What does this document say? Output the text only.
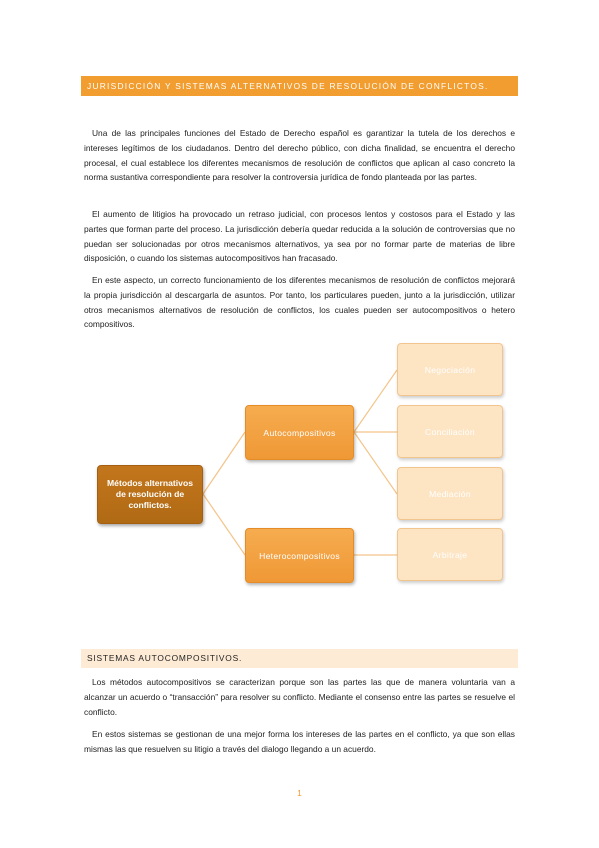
JURISDICCIÓN Y SISTEMAS ALTERNATIVOS DE RESOLUCIÓN DE CONFLICTOS.

Una de las principales funciones del Estado de Derecho español es garantizar la tutela de los derechos e intereses legítimos de los ciudadanos. Dentro del derecho público, con dicha finalidad, se encuentra el derecho procesal, el cual establece los diferentes mecanismos de resolución de conflictos que aplican al caso concreto la norma sustantiva correspondiente para resolver la controversia jurídica de fondo planteada por las partes.

El aumento de litigios ha provocado un retraso judicial, con procesos lentos y costosos para el Estado y las partes que forman parte del proceso. La jurisdicción debería quedar reducida a la solución de controversias que no puedan ser solucionadas por otros mecanismos alternativos, ya sea por no formar parte de materias de libre disposición, o cuando los sistemas autocompositivos han fracasado.

En este aspecto, un correcto funcionamiento de los diferentes mecanismos de resolución de conflictos mejorará la propia jurisdicción al descargarla de asuntos. Por tanto, los particulares pueden, junto a la jurisdicción, utilizar otros mecanismos alternativos de resolución de conflictos, los cuales pueden ser autocompositivos o hetero compositivos.

Métodos alternativos de resolución de conflictos.
Autocompositivos
Heterocompositivos
Negociación
Conciliación
Mediación
Arbitraje
SISTEMAS AUTOCOMPOSITIVOS.

Los métodos autocompositivos se caracterizan porque son las partes las que de manera voluntaria van a alcanzar un acuerdo o “transacción” para resolver su conflicto. Mediante el consenso entre las partes se resuelve el conflicto.

En estos sistemas se gestionan de una mejor forma los intereses de las partes en el conflicto, ya que son ellas mismas las que resuelven su litigio a través del dialogo llegando a un acuerdo.

1
